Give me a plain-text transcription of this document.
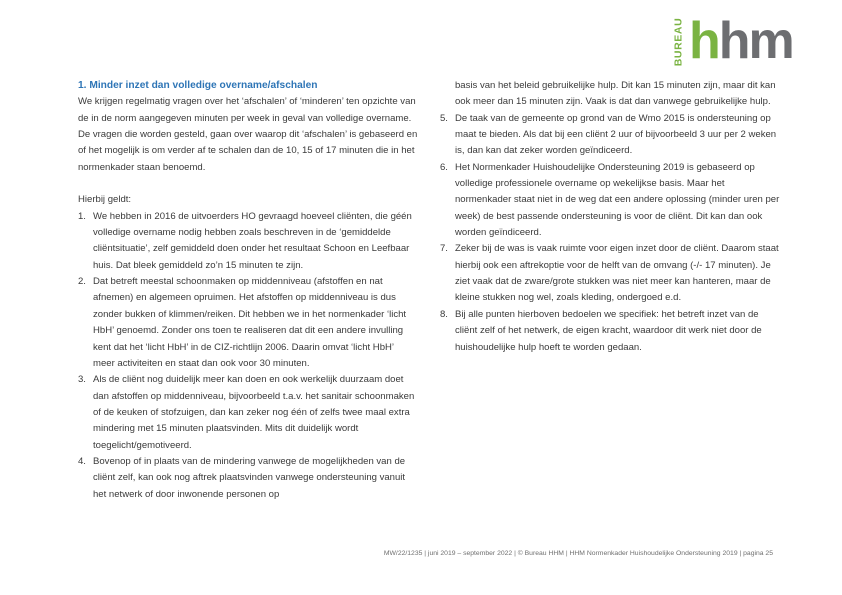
BUREAU hhm
1. Minder inzet dan volledige overname/afschalen

We krijgen regelmatig vragen over het ‘afschalen’ of ‘minderen’ ten opzichte van de in de norm aangegeven minuten per week in geval van volledige overname. De vragen die worden gesteld, gaan over waarop dit ‘afschalen’ is gebaseerd en of het mogelijk is om verder af te schalen dan de 10, 15 of 17 minuten die in het normenkader staan benoemd.

Hierbij geldt:

1. We hebben in 2016 de uitvoerders HO gevraagd hoeveel cliënten, die géén volledige overname nodig hebben zoals beschreven in de ‘gemiddelde cliëntsituatie’, zelf gemiddeld doen onder het resultaat Schoon en Leefbaar huis. Dat bleek gemiddeld zo’n 15 minuten te zijn.
2. Dat betreft meestal schoonmaken op middenniveau (afstoffen en nat afnemen) en algemeen opruimen. Het afstoffen op middenniveau is dus zonder bukken of klimmen/reiken. Dit hebben we in het normenkader ‘licht HbH’ genoemd. Zonder ons toen te realiseren dat dit een andere invulling kent dat het ‘licht HbH’ in de CIZ-richtlijn 2006. Daarin omvat ‘licht HbH’ meer activiteiten en staat dan ook voor 30 minuten.
3. Als de cliënt nog duidelijk meer kan doen en ook werkelijk duurzaam doet dan afstoffen op middenniveau, bijvoorbeeld t.a.v. het sanitair schoonmaken of de keuken of stofzuigen, dan kan zeker nog één of zelfs twee maal extra mindering met 15 minuten plaatsvinden. Mits dit duidelijk wordt toegelicht/gemotiveerd.
4. Bovenop of in plaats van de mindering vanwege de mogelijkheden van de cliënt zelf, kan ook nog aftrek plaatsvinden vanwege ondersteuning vanuit het netwerk of door inwonende personen op
basis van het beleid gebruikelijke hulp. Dit kan 15 minuten zijn, maar dit kan ook meer dan 15 minuten zijn. Vaak is dat dan vanwege gebruikelijke hulp.
5. De taak van de gemeente op grond van de Wmo 2015 is ondersteuning op maat te bieden. Als dat bij een cliënt 2 uur of bijvoorbeeld 3 uur per 2 weken is, dan kan dat zeker worden geïndiceerd.
6. Het Normenkader Huishoudelijke Ondersteuning 2019 is gebaseerd op volledige professionele overname op wekelijkse basis. Maar het normenkader staat niet in de weg dat een andere oplossing (minder uren per week) de best passende ondersteuning is voor de cliënt. Dit kan dan ook worden geïndiceerd.
7. Zeker bij de was is vaak ruimte voor eigen inzet door de cliënt. Daarom staat hierbij ook een aftrekoptie voor de helft van de omvang (-/- 17 minuten). Je ziet vaak dat de zware/grote stukken was niet meer kan hanteren, maar de kleine stukken nog wel, zoals kleding, ondergoed e.d.
8. Bij alle punten hierboven bedoelen we specifiek: het betreft inzet van de cliënt zelf of het netwerk, de eigen kracht, waardoor dit werk niet door de huishoudelijke hulp hoeft te worden gedaan.
MW/22/1235 | juni 2019 – september 2022 | © Bureau HHM | HHM Normenkader Huishoudelijke Ondersteuning 2019 | pagina 25
